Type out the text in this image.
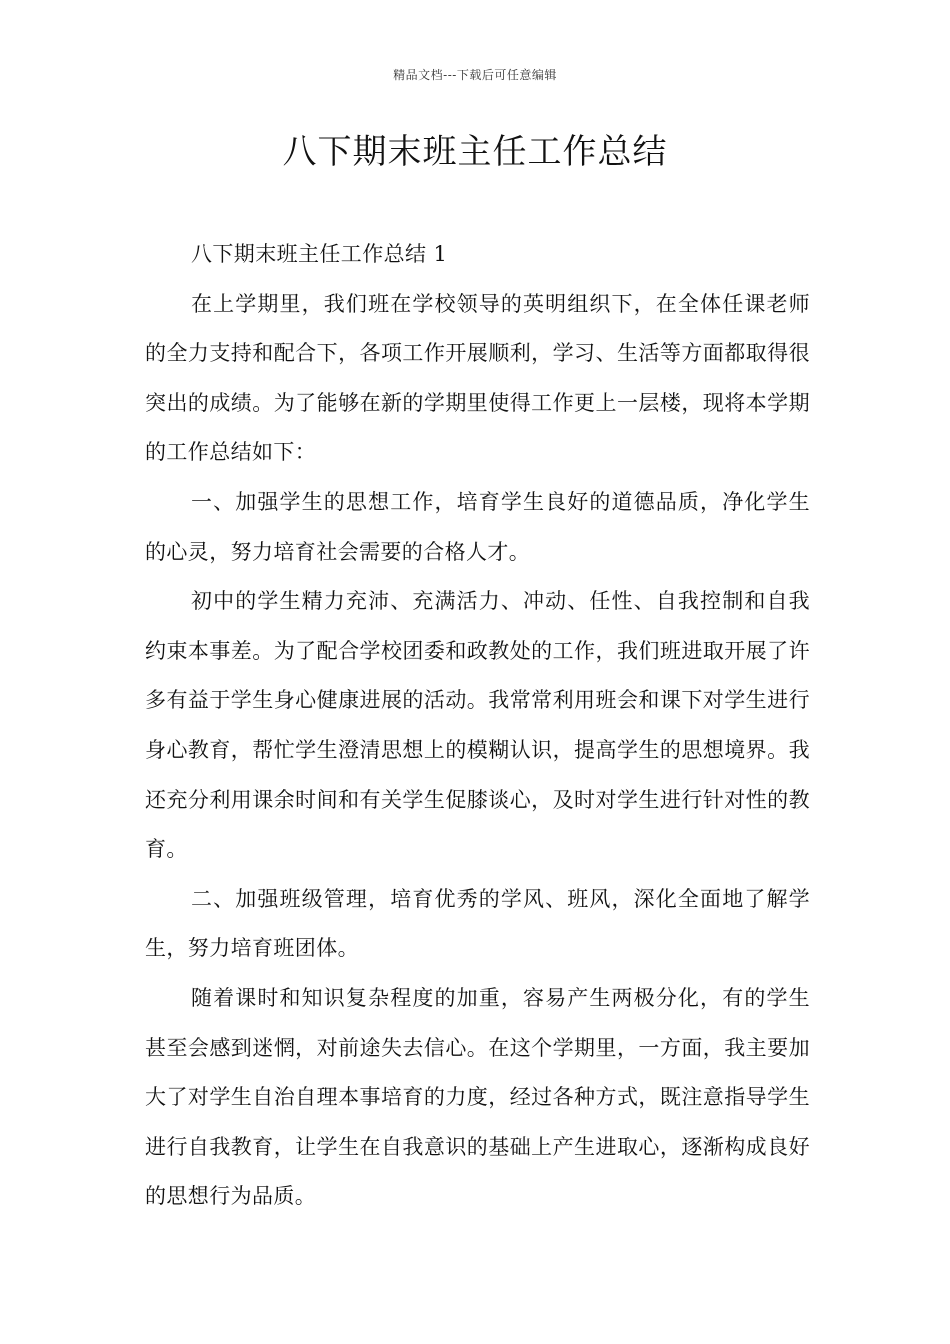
精品文档---下载后可任意编辑
八下期末班主任工作总结

八下期末班主任工作总结 1

在上学期里，我们班在学校领导的英明组织下，在全体任课老师的全力支持和配合下，各项工作开展顺利，学习、生活等方面都取得很突出的成绩。为了能够在新的学期里使得工作更上一层楼，现将本学期的工作总结如下：

一、加强学生的思想工作，培育学生良好的道德品质，净化学生的心灵，努力培育社会需要的合格人才。

初中的学生精力充沛、充满活力、冲动、任性、自我控制和自我约束本事差。为了配合学校团委和政教处的工作，我们班进取开展了许多有益于学生身心健康进展的活动。我常常利用班会和课下对学生进行身心教育，帮忙学生澄清思想上的模糊认识，提高学生的思想境界。我还充分利用课余时间和有关学生促膝谈心，及时对学生进行针对性的教育。

二、加强班级管理，培育优秀的学风、班风，深化全面地了解学生，努力培育班团体。

随着课时和知识复杂程度的加重，容易产生两极分化，有的学生甚至会感到迷惘，对前途失去信心。在这个学期里，一方面，我主要加大了对学生自治自理本事培育的力度，经过各种方式，既注意指导学生进行自我教育，让学生在自我意识的基础上产生进取心，逐渐构成良好的思想行为品质。
